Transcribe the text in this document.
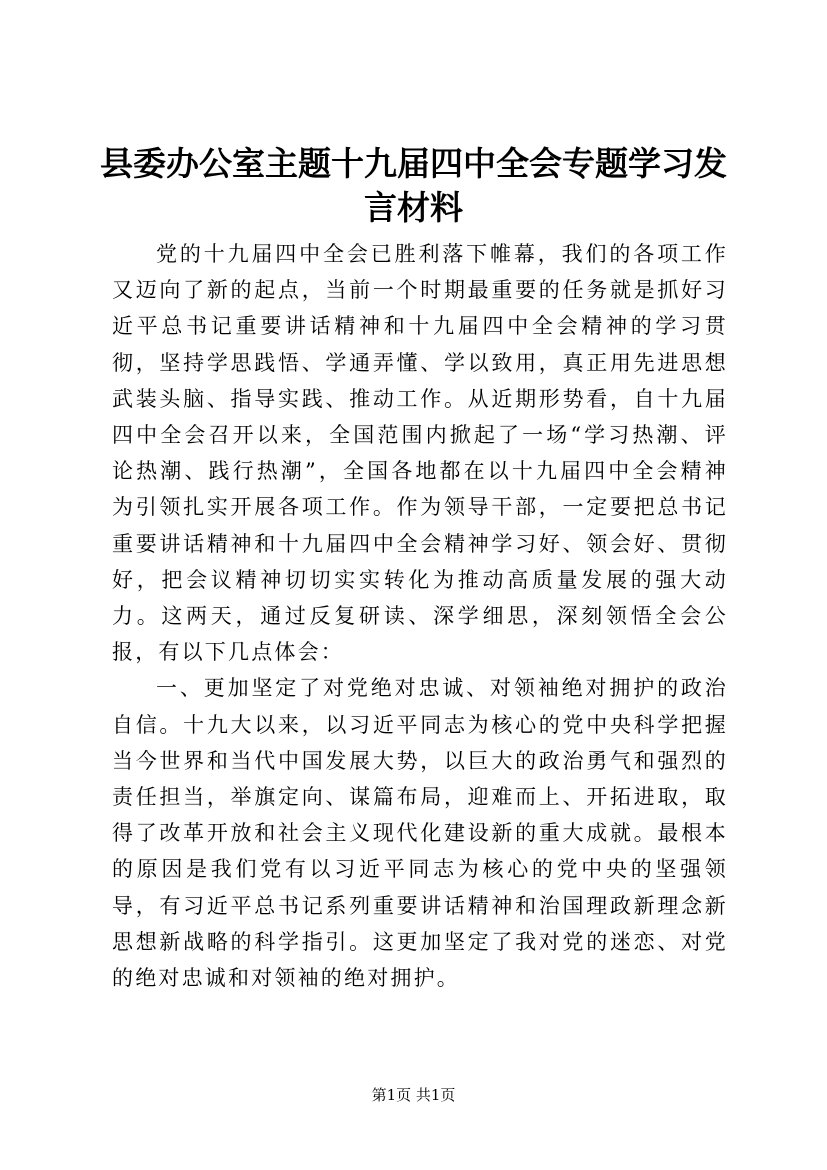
县委办公室主题十九届四中全会专题学习发言材料

党的十九届四中全会已胜利落下帷幕，我们的各项工作又迈向了新的起点，当前一个时期最重要的任务就是抓好习近平总书记重要讲话精神和十九届四中全会精神的学习贯彻，坚持学思践悟、学通弄懂、学以致用，真正用先进思想武装头脑、指导实践、推动工作。从近期形势看，自十九届四中全会召开以来，全国范围内掀起了一场“学习热潮、评论热潮、践行热潮”，全国各地都在以十九届四中全会精神为引领扎实开展各项工作。作为领导干部，一定要把总书记重要讲话精神和十九届四中全会精神学习好、领会好、贯彻好，把会议精神切切实实转化为推动高质量发展的强大动力。这两天，通过反复研读、深学细思，深刻领悟全会公报，有以下几点体会：

一、更加坚定了对党绝对忠诚、对领袖绝对拥护的政治自信。十九大以来，以习近平同志为核心的党中央科学把握当今世界和当代中国发展大势，以巨大的政治勇气和强烈的责任担当，举旗定向、谋篇布局，迎难而上、开拓进取，取得了改革开放和社会主义现代化建设新的重大成就。最根本的原因是我们党有以习近平同志为核心的党中央的坚强领导，有习近平总书记系列重要讲话精神和治国理政新理念新思想新战略的科学指引。这更加坚定了我对党的迷恋、对党的绝对忠诚和对领袖的绝对拥护。

第1页 共1页
